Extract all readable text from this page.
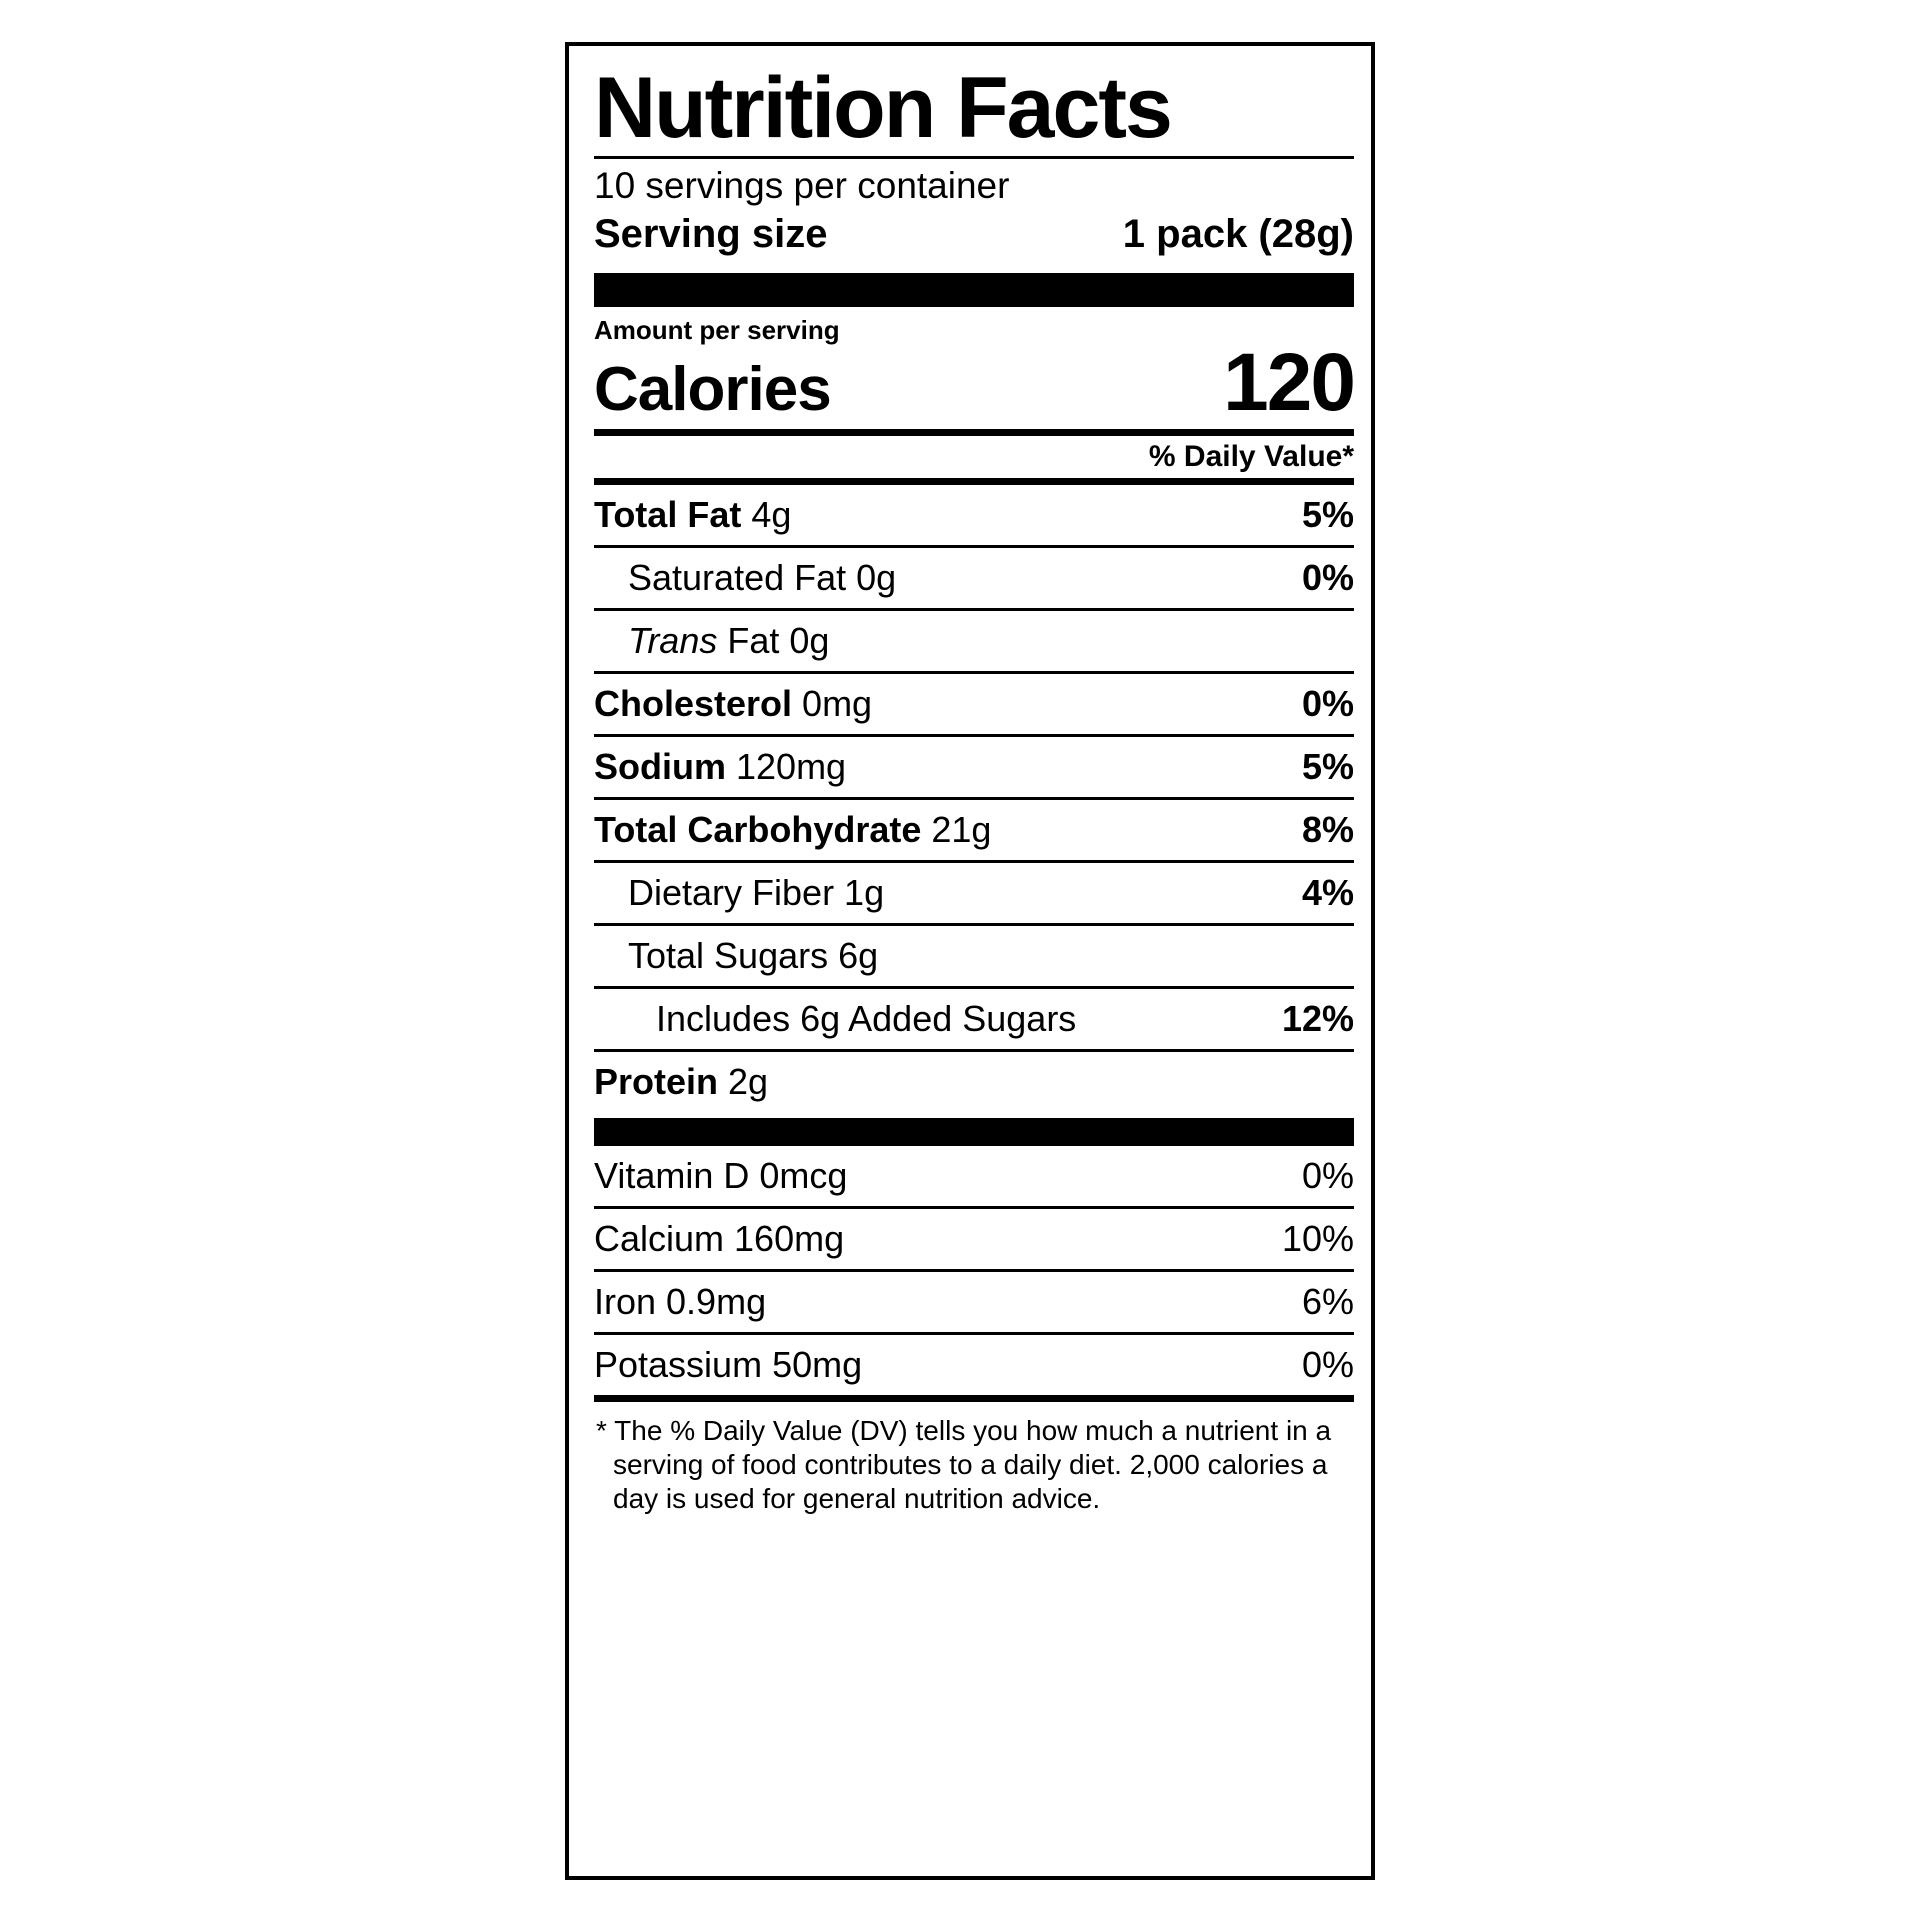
Nutrition Facts
10 servings per container
Serving size	1 pack (28g)
Amount per serving
Calories	120
% Daily Value*
Total Fat 4g	5%
Saturated Fat 0g	0%
Trans Fat 0g
Cholesterol 0mg	0%
Sodium 120mg	5%
Total Carbohydrate 21g	8%
Dietary Fiber 1g	4%
Total Sugars 6g
Includes 6g Added Sugars	12%
Protein 2g
Vitamin D 0mcg	0%
Calcium 160mg	10%
Iron 0.9mg	6%
Potassium 50mg	0%
* The % Daily Value (DV) tells you how much a nutrient in a serving of food contributes to a daily diet. 2,000 calories a day is used for general nutrition advice.
